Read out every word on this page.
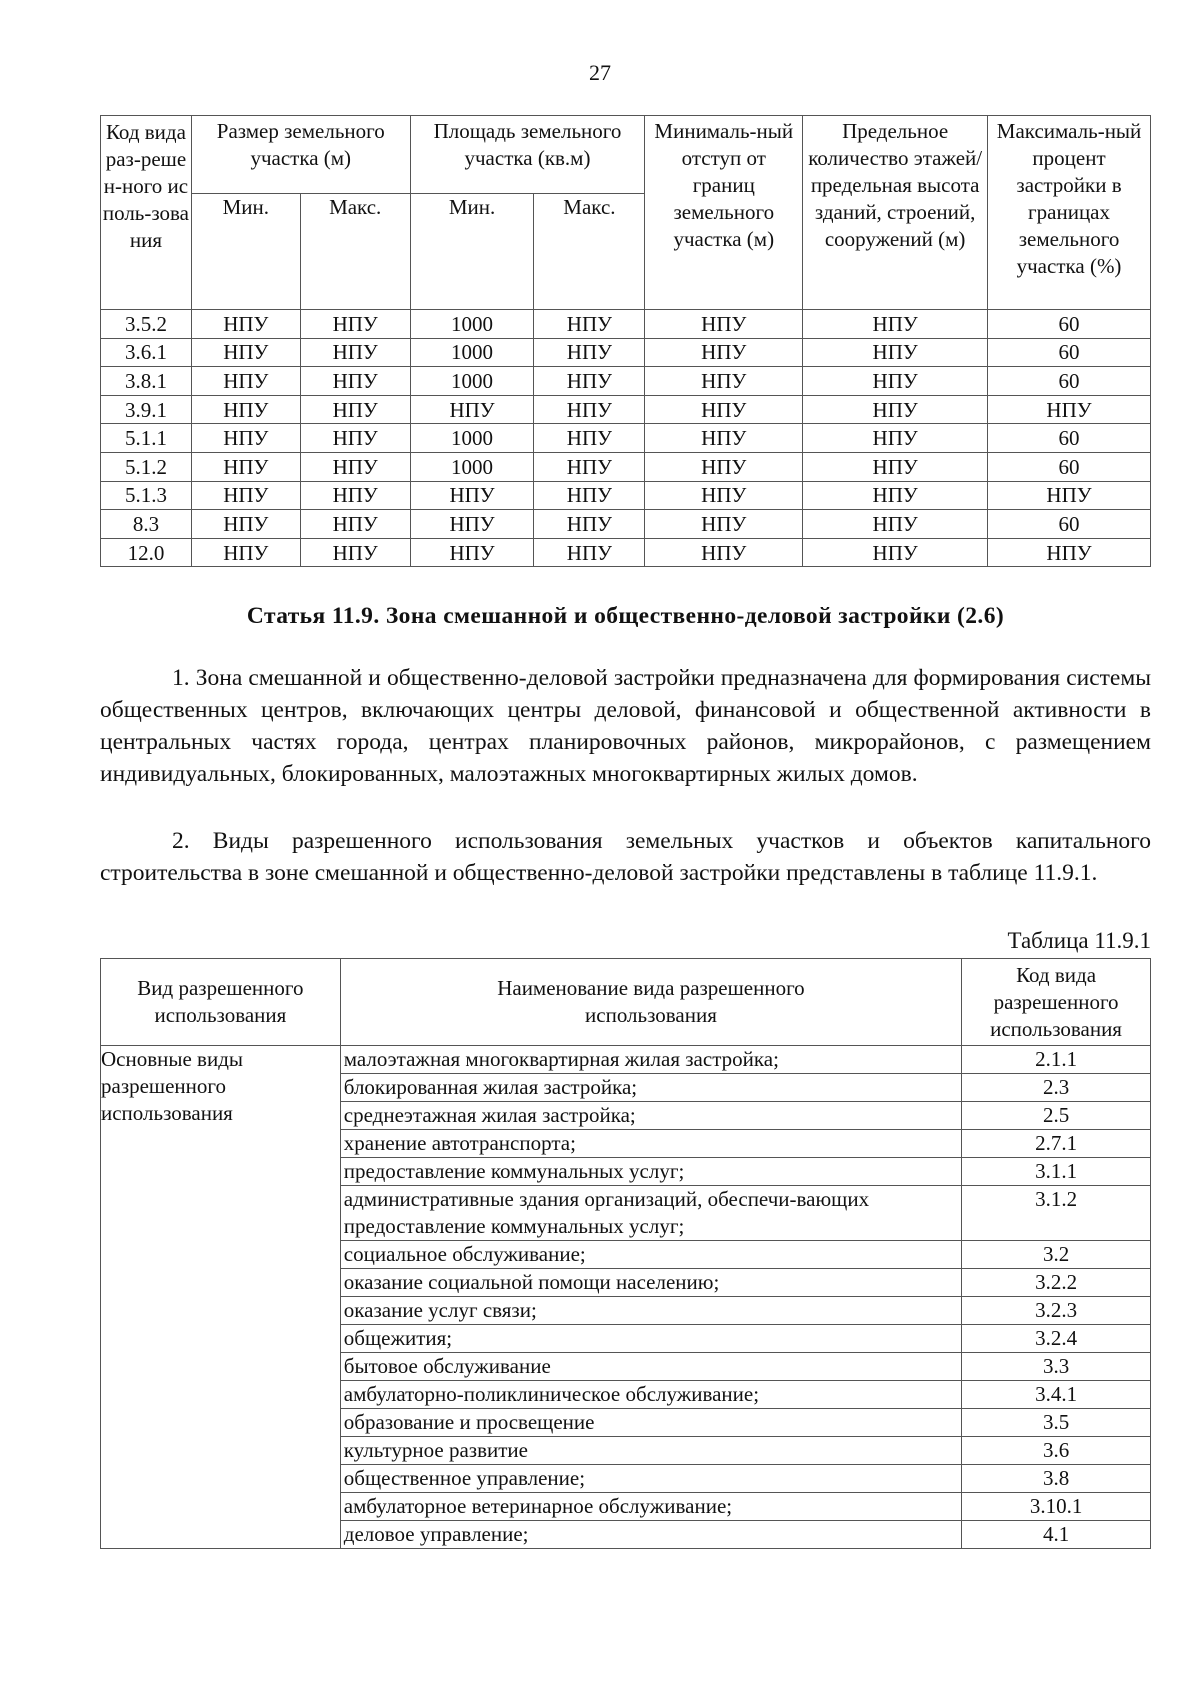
27
Код вида раз-решен-ного исполь-зования	Размер земельного участка (м)		Площадь земельного участка (кв.м)		Минималь-ный отступ от границ земельного участка (м)	Предельное количество этажей/ предельная высота зданий, строений, сооружений (м)	Максималь-ный процент застройки в границах земельного участка (%)
	Мин.	Макс.	Мин.	Макс.			
3.5.2	НПУ	НПУ	1000	НПУ	НПУ	НПУ	60
3.6.1	НПУ	НПУ	1000	НПУ	НПУ	НПУ	60
3.8.1	НПУ	НПУ	1000	НПУ	НПУ	НПУ	60
3.9.1	НПУ	НПУ	НПУ	НПУ	НПУ	НПУ	НПУ
5.1.1	НПУ	НПУ	1000	НПУ	НПУ	НПУ	60
5.1.2	НПУ	НПУ	1000	НПУ	НПУ	НПУ	60
5.1.3	НПУ	НПУ	НПУ	НПУ	НПУ	НПУ	НПУ
8.3	НПУ	НПУ	НПУ	НПУ	НПУ	НПУ	60
12.0	НПУ	НПУ	НПУ	НПУ	НПУ	НПУ	НПУ
Статья 11.9. Зона смешанной и общественно-деловой застройки (2.6)
1. Зона смешанной и общественно-деловой застройки предназначена для формирования системы общественных центров, включающих центры деловой, финансовой и общественной активности в центральных частях города, центрах планировочных районов, микрорайонов, с размещением индивидуальных, блокированных, малоэтажных многоквартирных жилых домов.
2. Виды разрешенного использования земельных участков и объектов капитального строительства в зоне смешанной и общественно-деловой застройки представлены в таблице 11.9.1.
Таблица 11.9.1
Вид разрешенного использования	Наименование вида разрешенного использования	Код вида разрешенного использования
Основные виды разрешенного использования	малоэтажная многоквартирная жилая застройка;	2.1.1
	блокированная жилая застройка;	2.3
	среднеэтажная жилая застройка;	2.5
	хранение автотранспорта;	2.7.1
	предоставление коммунальных услуг;	3.1.1
	административные здания организаций, обеспечи-вающих предоставление коммунальных услуг;	3.1.2
	социальное обслуживание;	3.2
	оказание социальной помощи населению;	3.2.2
	оказание услуг связи;	3.2.3
	общежития;	3.2.4
	бытовое обслуживание	3.3
	амбулаторно-поликлиническое обслуживание;	3.4.1
	образование и просвещение	3.5
	культурное развитие	3.6
	общественное управление;	3.8
	амбулаторное ветеринарное обслуживание;	3.10.1
	деловое управление;	4.1
